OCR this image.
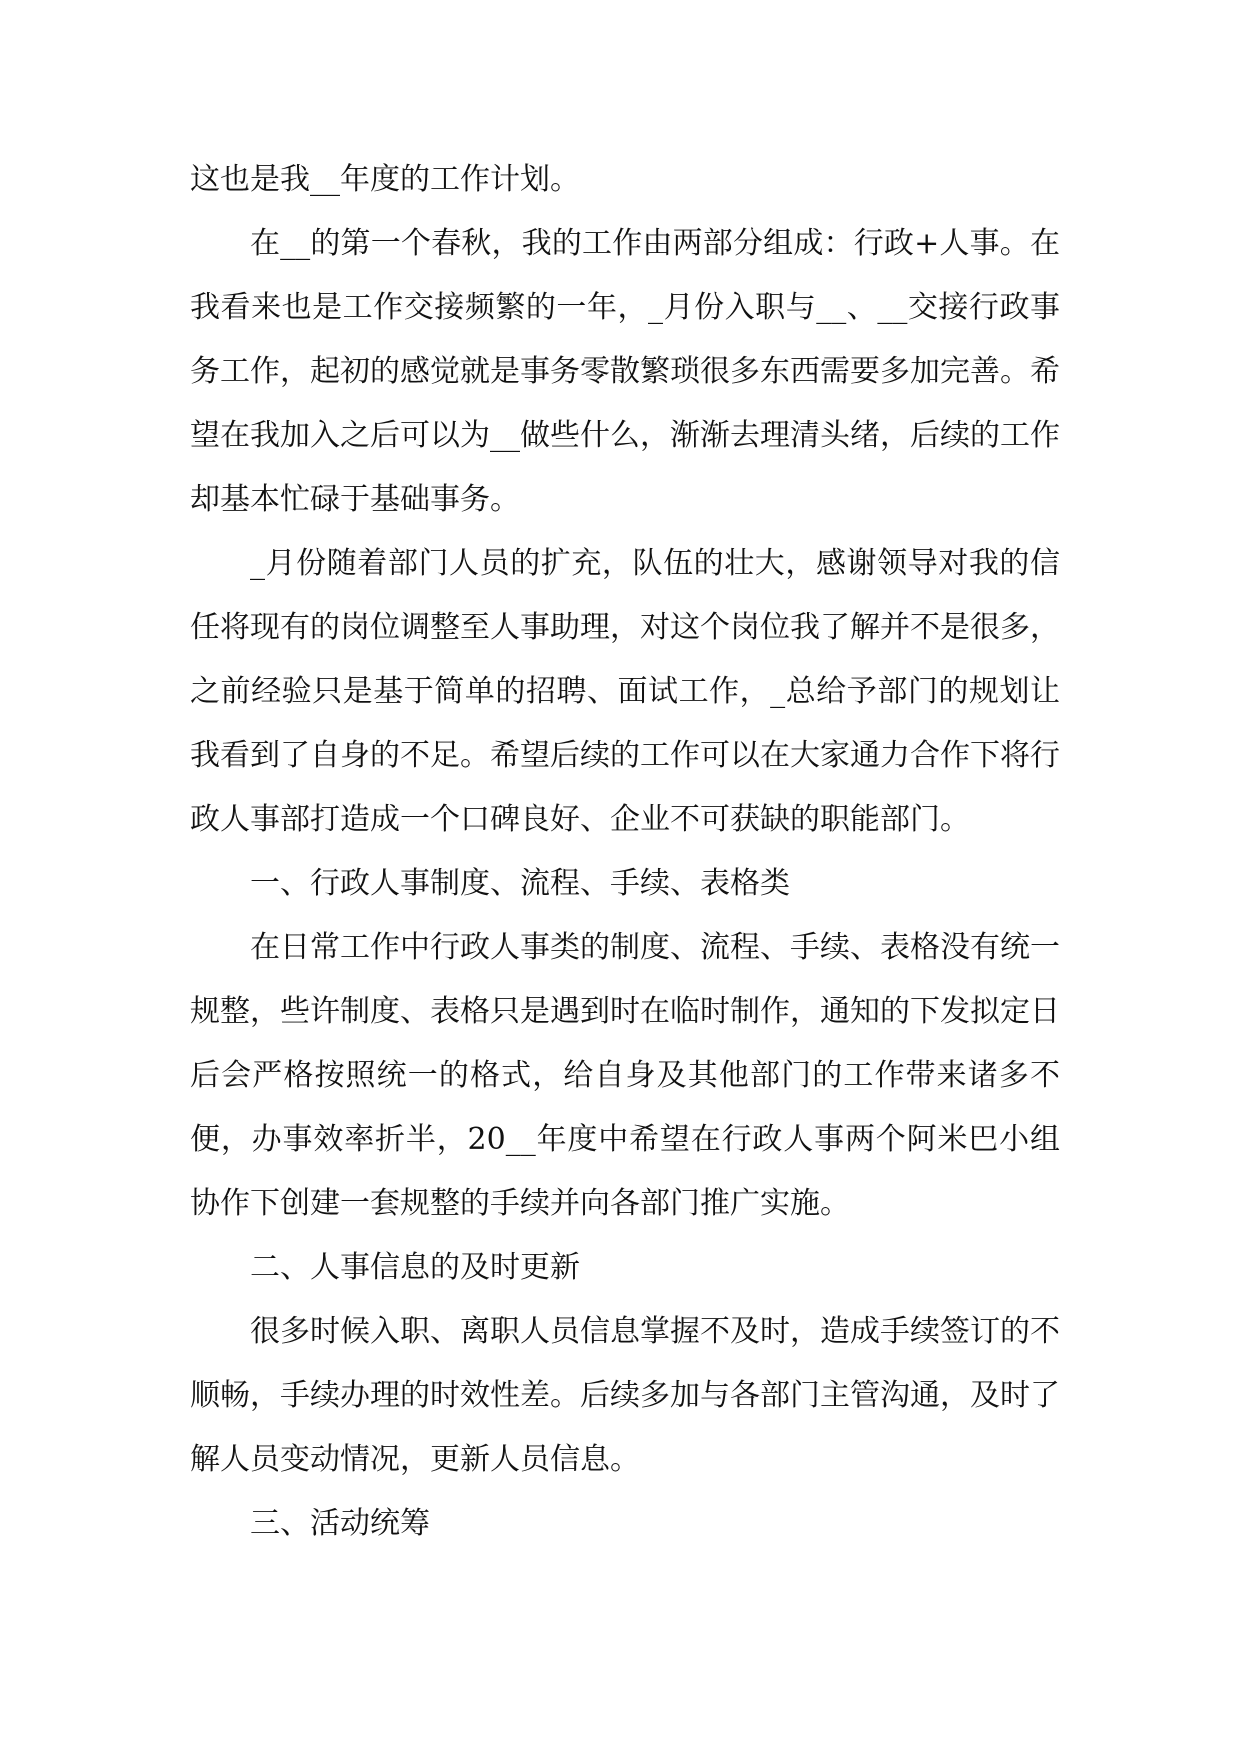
这也是我__年度的工作计划。

在__的第一个春秋，我的工作由两部分组成：行政+人事。在我看来也是工作交接频繁的一年，_月份入职与__、__交接行政事务工作，起初的感觉就是事务零散繁琐很多东西需要多加完善。希望在我加入之后可以为__做些什么，渐渐去理清头绪，后续的工作却基本忙碌于基础事务。

_月份随着部门人员的扩充，队伍的壮大，感谢领导对我的信任将现有的岗位调整至人事助理，对这个岗位我了解并不是很多，之前经验只是基于简单的招聘、面试工作，_总给予部门的规划让我看到了自身的不足。希望后续的工作可以在大家通力合作下将行政人事部打造成一个口碑良好、企业不可获缺的职能部门。

一、行政人事制度、流程、手续、表格类

在日常工作中行政人事类的制度、流程、手续、表格没有统一规整，些许制度、表格只是遇到时在临时制作，通知的下发拟定日后会严格按照统一的格式，给自身及其他部门的工作带来诸多不便，办事效率折半，20__年度中希望在行政人事两个阿米巴小组协作下创建一套规整的手续并向各部门推广实施。

二、人事信息的及时更新

很多时候入职、离职人员信息掌握不及时，造成手续签订的不顺畅，手续办理的时效性差。后续多加与各部门主管沟通，及时了解人员变动情况，更新人员信息。

三、活动统筹
